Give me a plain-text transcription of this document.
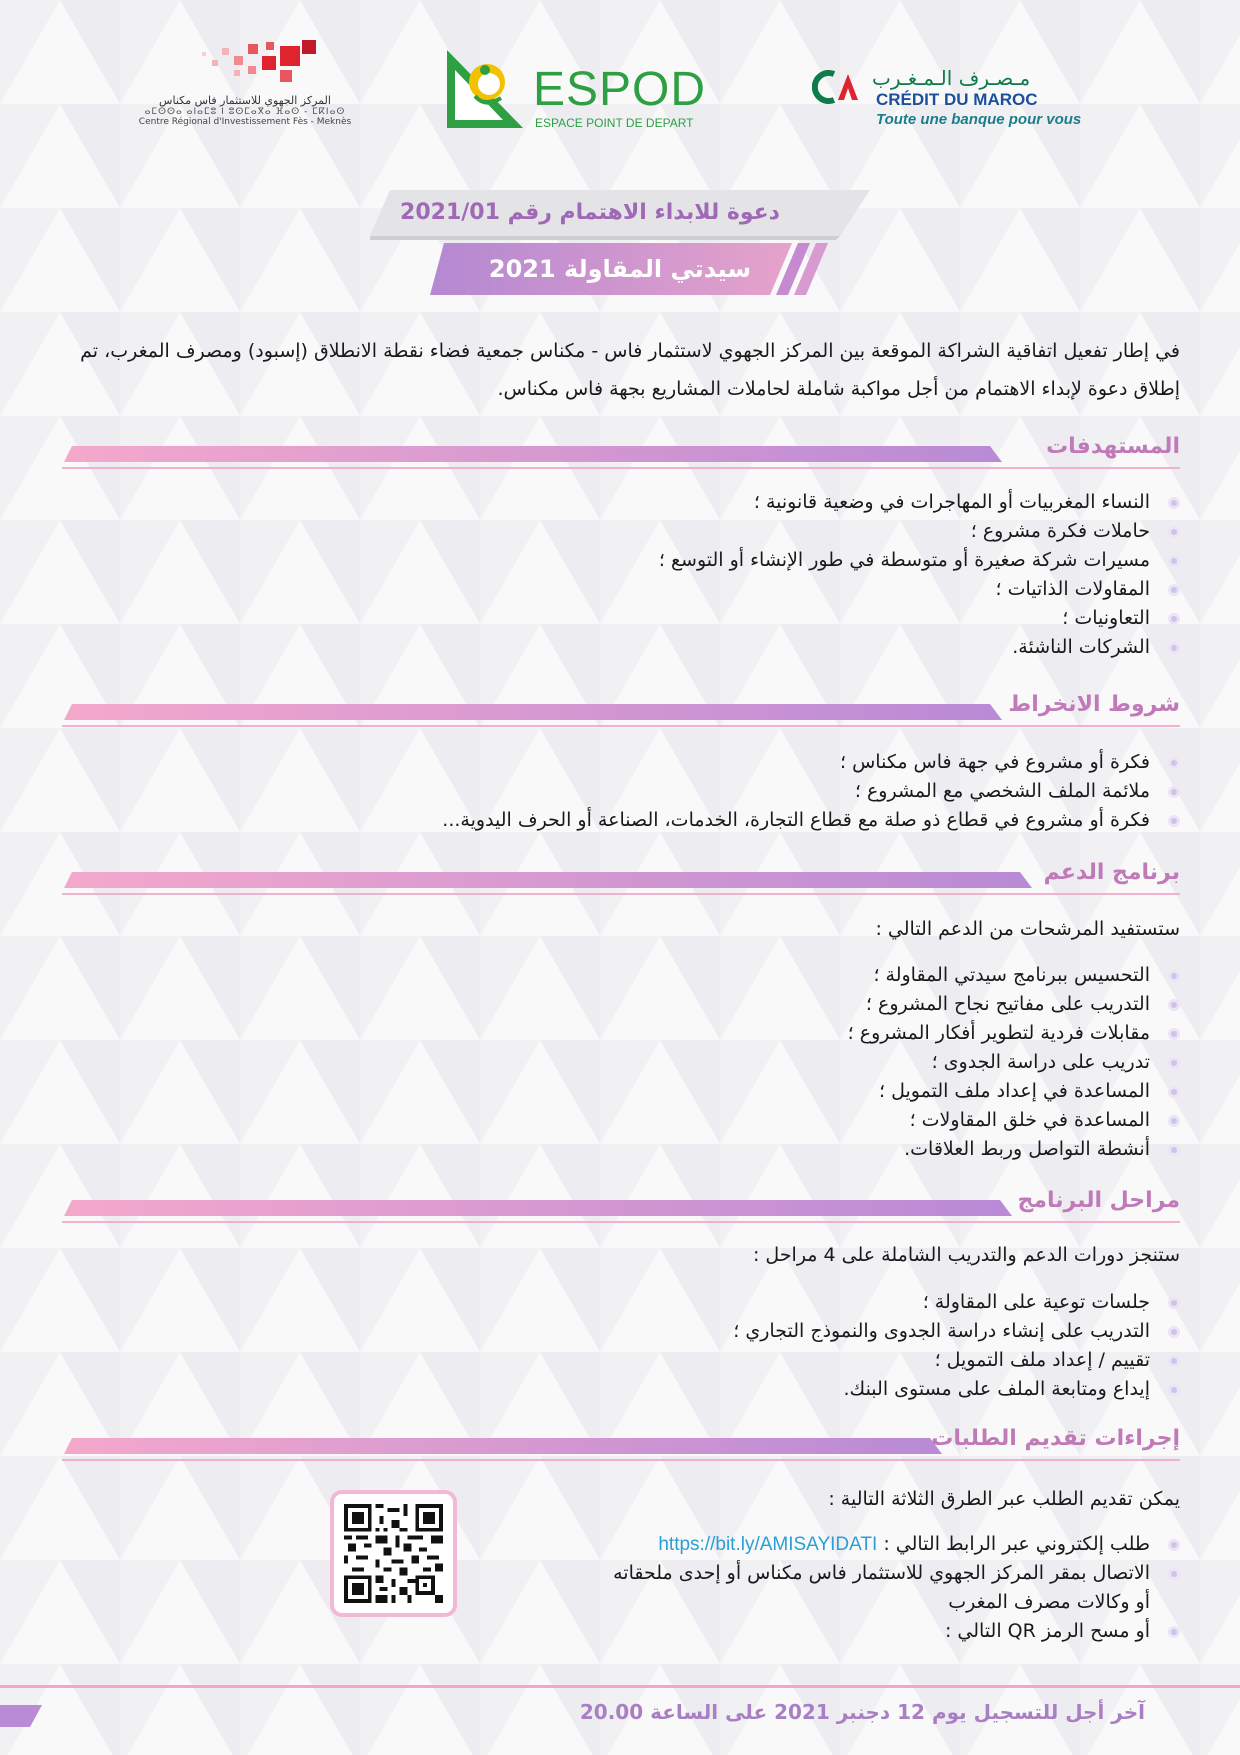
المركز الجهوي للاستثمار فاس مكناس
ⴰⵎⵙⵙⴰ ⴰⵏⴰⵎⵓ ⵏ ⵓⵙⵎⴰⴳⴰ ⴼⴰⵙ - ⵎⴽⵏⴰⵙ
Centre Régional d'Investissement Fès - Meknès
ESPOD
ESPACE POINT DE DEPART
مـصـرف الـمـغـرب
CRÉDIT DU MAROC
Toute une banque pour vous
دعوة للابداء الاهتمام رقم 2021/01
سيدتي المقاولة 2021
في إطار تفعيل اتفاقية الشراكة الموقعة بين المركز الجهوي لاستثمار فاس - مكناس جمعية فضاء نقطة الانطلاق (إسبود) ومصرف المغرب، تم إطلاق دعوة لإبداء الاهتمام من أجل مواكبة شاملة لحاملات المشاريع بجهة فاس مكناس.
المستهدفات
النساء المغربيات أو المهاجرات في وضعية قانونية ؛
حاملات فكرة مشروع ؛
مسيرات شركة صغيرة أو متوسطة في طور الإنشاء أو التوسع ؛
المقاولات الذاتيات ؛
التعاونيات ؛
الشركات الناشئة.
شروط الانخراط
فكرة أو مشروع في جهة فاس مكناس ؛
ملائمة الملف الشخصي مع المشروع ؛
فكرة أو مشروع في قطاع ذو صلة مع قطاع التجارة، الخدمات، الصناعة أو الحرف اليدوية...
برنامج الدعم
ستستفيد المرشحات من الدعم التالي :
التحسيس ببرنامج سيدتي المقاولة ؛
التدريب على مفاتيح نجاح المشروع ؛
مقابلات فردية لتطوير أفكار المشروع ؛
تدريب على دراسة الجدوى ؛
المساعدة في إعداد ملف التمويل ؛
المساعدة في خلق المقاولات ؛
أنشطة التواصل وربط العلاقات.
مراحل البرنامج
ستنجز دورات الدعم والتدريب الشاملة على 4 مراحل :
جلسات توعية على المقاولة ؛
التدريب على إنشاء دراسة الجدوى والنموذج التجاري ؛
تقييم / إعداد ملف التمويل ؛
إيداع ومتابعة الملف على مستوى البنك.
إجراءات تقديم الطلبات
يمكن تقديم الطلب عبر الطرق الثلاثة التالية :
طلب إلكتروني عبر الرابط التالي : https://bit.ly/AMISAYIDATI
الاتصال بمقر المركز الجهوي للاستثمار فاس مكناس أو إحدى ملحقاته
أو وكالات مصرف المغرب
أو مسح الرمز QR التالي :
آخر أجل للتسجيل يوم 12 دجنبر 2021 على الساعة 20.00
